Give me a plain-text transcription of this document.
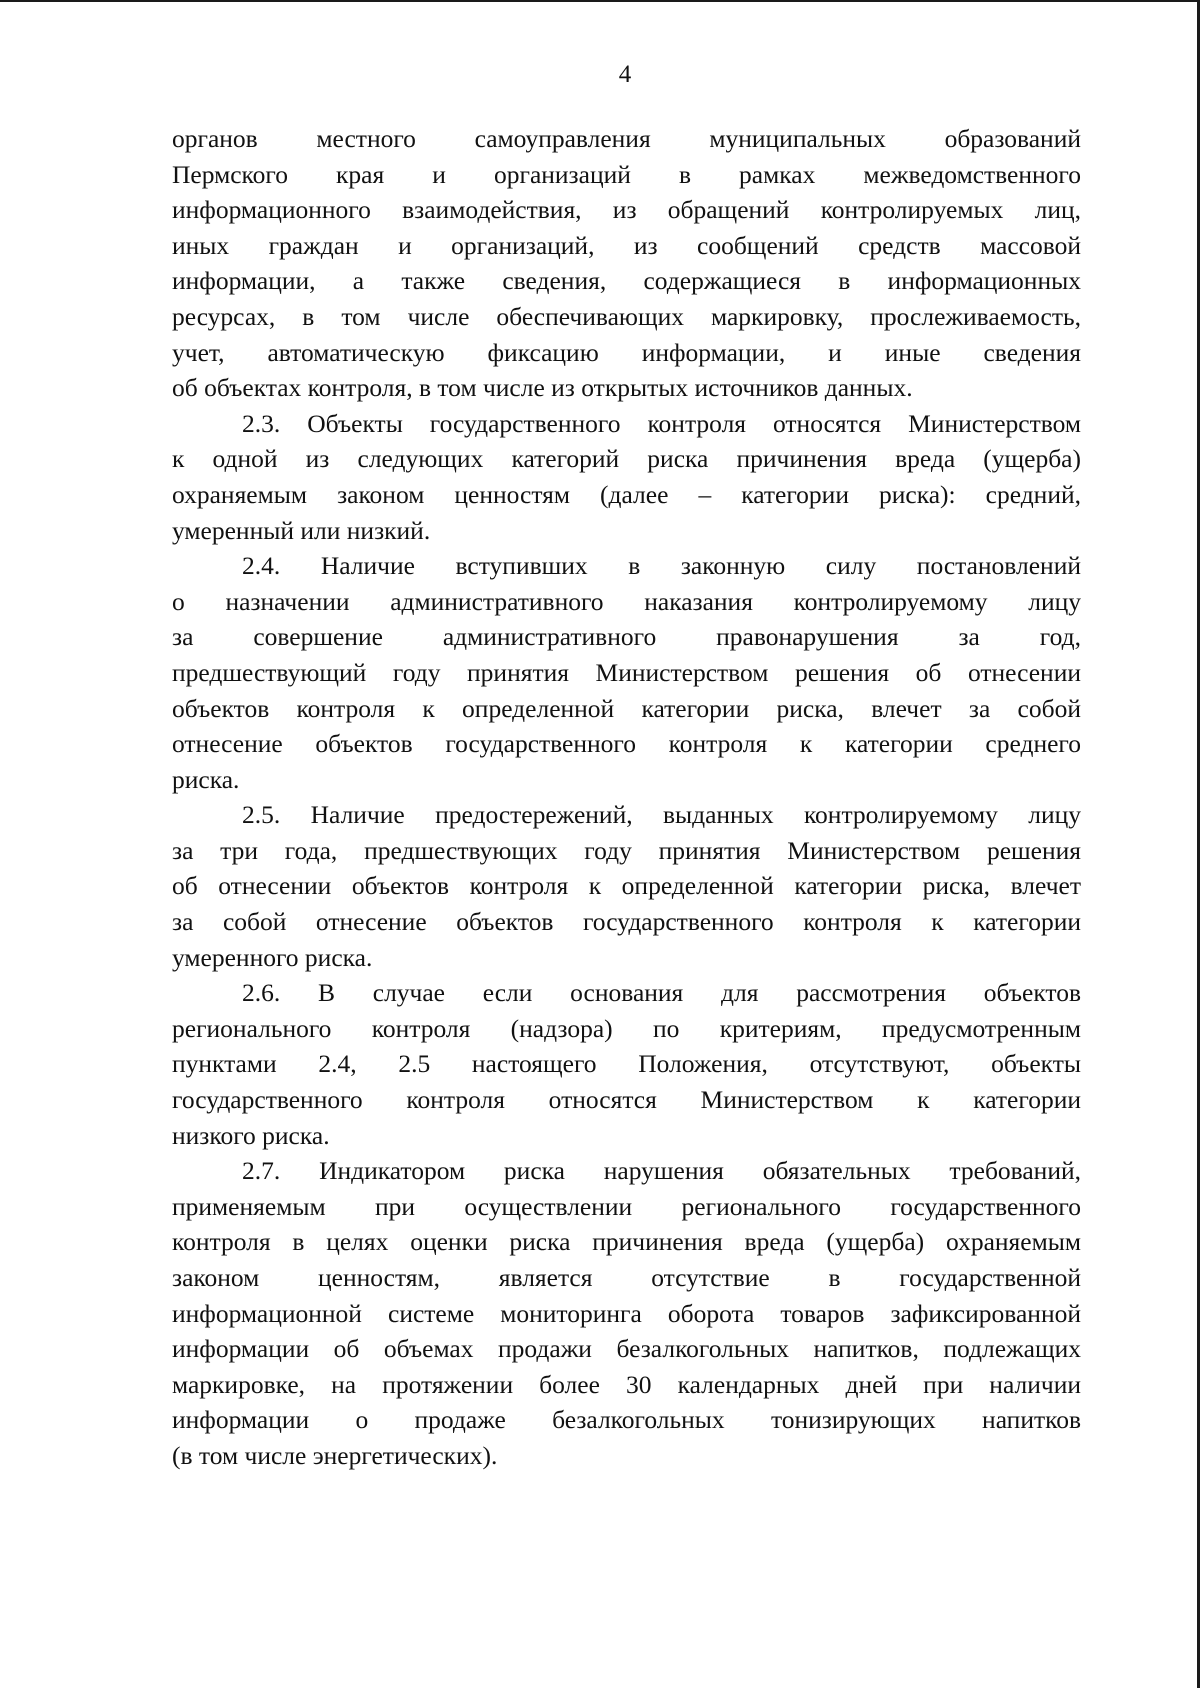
4
органов местного самоуправления муниципальных образований
Пермского края и организаций в рамках межведомственного
информационного взаимодействия, из обращений контролируемых лиц,
иных граждан и организаций, из сообщений средств массовой
информации, а также сведения, содержащиеся в информационных
ресурсах, в том числе обеспечивающих маркировку, прослеживаемость,
учет, автоматическую фиксацию информации, и иные сведения
об объектах контроля, в том числе из открытых источников данных.
2.3. Объекты государственного контроля относятся Министерством
к одной из следующих категорий риска причинения вреда (ущерба)
охраняемым законом ценностям (далее – категории риска): средний,
умеренный или низкий.
2.4. Наличие вступивших в законную силу постановлений
о назначении административного наказания контролируемому лицу
за совершение административного правонарушения за год,
предшествующий году принятия Министерством решения об отнесении
объектов контроля к определенной категории риска, влечет за собой
отнесение объектов государственного контроля к категории среднего
риска.
2.5. Наличие предостережений, выданных контролируемому лицу
за три года, предшествующих году принятия Министерством решения
об отнесении объектов контроля к определенной категории риска, влечет
за собой отнесение объектов государственного контроля к категории
умеренного риска.
2.6. В случае если основания для рассмотрения объектов
регионального контроля (надзора) по критериям, предусмотренным
пунктами 2.4, 2.5 настоящего Положения, отсутствуют, объекты
государственного контроля относятся Министерством к категории
низкого риска.
2.7. Индикатором риска нарушения обязательных требований,
применяемым при осуществлении регионального государственного
контроля в целях оценки риска причинения вреда (ущерба) охраняемым
законом ценностям, является отсутствие в государственной
информационной системе мониторинга оборота товаров зафиксированной
информации об объемах продажи безалкогольных напитков, подлежащих
маркировке, на протяжении более 30 календарных дней при наличии
информации о продаже безалкогольных тонизирующих напитков
(в том числе энергетических).
